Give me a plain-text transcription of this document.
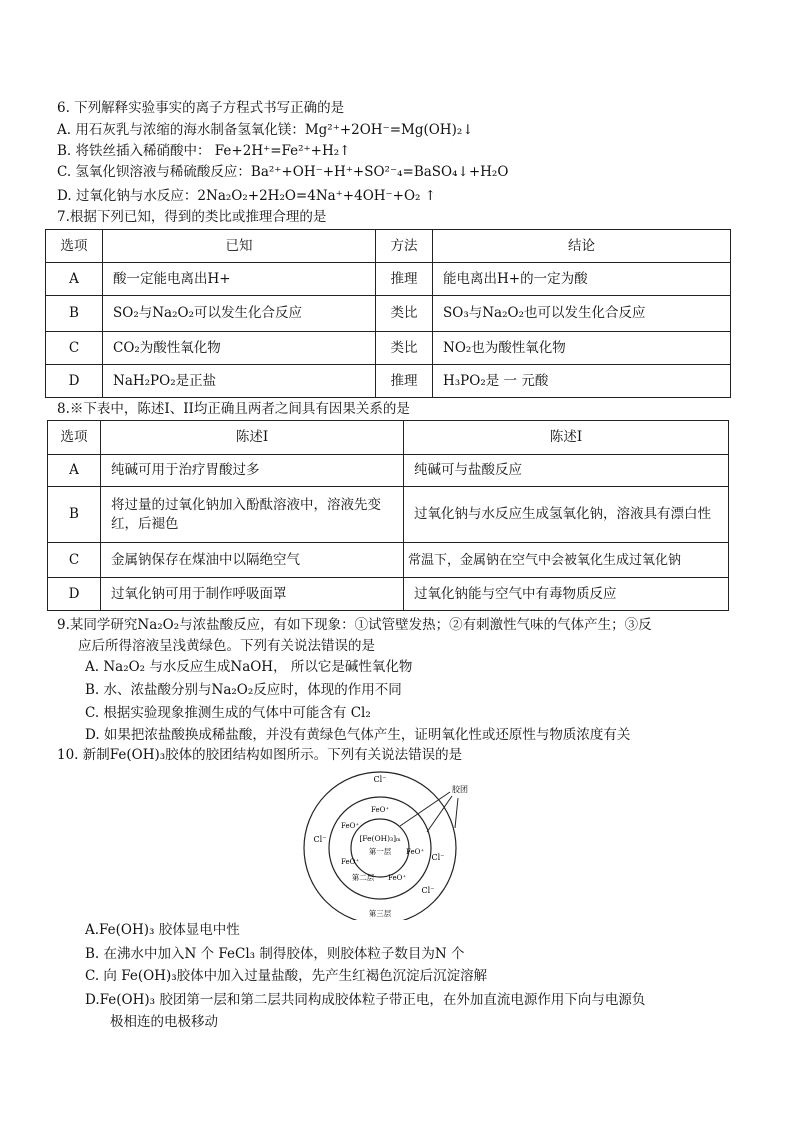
6. 下列解释实验事实的离子方程式书写正确的是
A. 用石灰乳与浓缩的海水制备氢氧化镁：Mg²⁺+2OH⁻=Mg(OH)₂↓
B. 将铁丝插入稀硝酸中： Fe+2H⁺=Fe²⁺+H₂↑
C. 氢氧化钡溶液与稀硫酸反应：Ba²⁺+OH⁻+H⁺+SO²⁻₄=BaSO₄↓+H₂O
D. 过氧化钠与水反应：2Na₂O₂+2H₂O=4Na⁺+4OH⁻+O₂ ↑
7.根据下列已知，得到的类比或推理合理的是
选项	已知	方法	结论
A	酸一定能电离出H+	推理	能电离出H+的一定为酸
B	SO₂与Na₂O₂可以发生化合反应	类比	SO₃与Na₂O₂也可以发生化合反应
C	CO₂为酸性氧化物	类比	NO₂也为酸性氧化物
D	NaH₂PO₂是正盐	推理	H₃PO₂是 一 元酸
8.※下表中，陈述I、II均正确且两者之间具有因果关系的是
选项	陈述I	陈述I
A	纯碱可用于治疗胃酸过多	纯碱可与盐酸反应
B	将过量的过氧化钠加入酚酞溶液中，溶液先变红，后褪色	过氧化钠与水反应生成氢氧化钠，溶液具有漂白性
C	金属钠保存在煤油中以隔绝空气	常温下，金属钠在空气中会被氧化生成过氧化钠
D	过氧化钠可用于制作呼吸面罩	过氧化钠能与空气中有毒物质反应
9.某同学研究Na₂O₂与浓盐酸反应，有如下现象：①试管壁发热；②有刺激性气味的气体产生；③反
应后所得溶液呈浅黄绿色。下列有关说法错误的是
A. Na₂O₂ 与水反应生成NaOH， 所以它是碱性氧化物
B. 水、浓盐酸分别与Na₂O₂反应时，体现的作用不同
C. 根据实验现象推测生成的气体中可能含有 Cl₂
D. 如果把浓盐酸换成稀盐酸，并没有黄绿色气体产生，证明氧化性或还原性与物质浓度有关
10. 新制Fe(OH)₃胶体的胶团结构如图所示。下列有关说法错误的是
Cl⁻
Cl⁻
Cl⁻
Cl⁻
FeO⁺
FeO⁺
FeO⁺
FeO⁺
FeO⁺
[Fe(OH)₃]ₘ
第一层
第二层
第三层
胶团
A.Fe(OH)₃ 胶体显电中性
B. 在沸水中加入N 个 FeCl₃ 制得胶体，则胶体粒子数目为N 个
C. 向 Fe(OH)₃胶体中加入过量盐酸，先产生红褐色沉淀后沉淀溶解
D.Fe(OH)₃ 胶团第一层和第二层共同构成胶体粒子带正电，在外加直流电源作用下向与电源负
极相连的电极移动
